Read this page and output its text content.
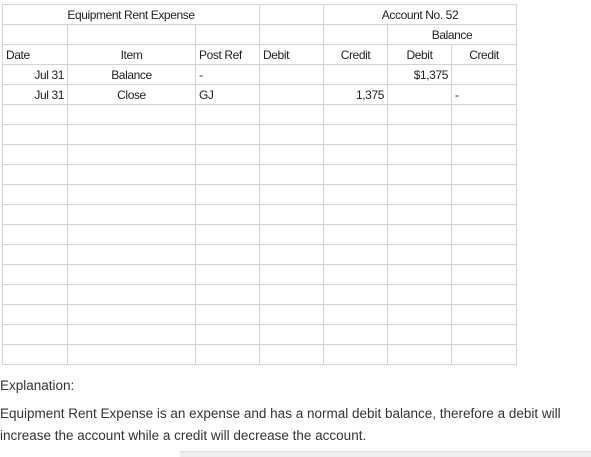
Equipment Rent Expense				Account No. 52		
					Balance	
Date	Item	Post Ref	Debit	Credit	Debit	Credit
Jul 31	Balance	-			$1,375	
Jul 31	Close	GJ		1,375		-

Explanation:

Equipment Rent Expense is an expense and has a normal debit balance, therefore a debit will increase the account while a credit will decrease the account.
